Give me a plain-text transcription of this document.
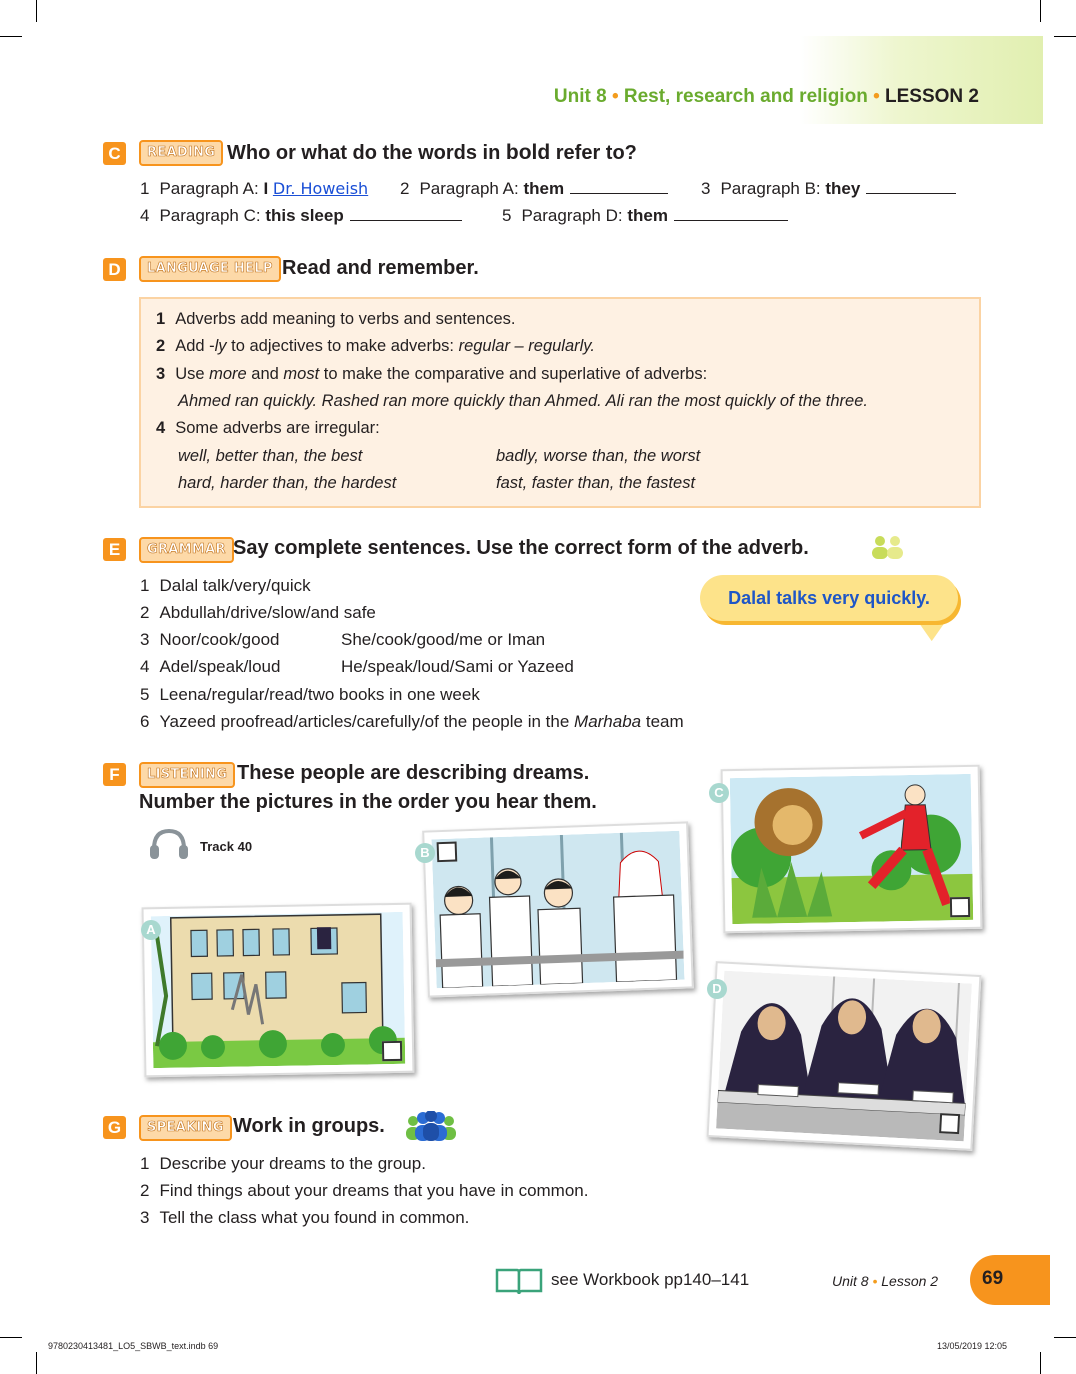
Unit 8 • Rest, research and religion • LESSON 2
C	READING Who or what do the words in bold refer to?
1 Paragraph A: I Dr. Howeish 2 Paragraph A: them	3 Paragraph B: they
4 Paragraph C: this sleep	5 Paragraph D: them
D	LANGUAGE HELP Read and remember.
1 Adverbs add meaning to verbs and sentences.
2 Add -ly to adjectives to make adverbs: regular – regularly.
3 Use more and most to make the comparative and superlative of adverbs:
Ahmed ran quickly. Rashed ran more quickly than Ahmed. Ali ran the most quickly of the three.
4 Some adverbs are irregular:
well, better than, the best	badly, worse than, the worst
hard, harder than, the hardest	fast, faster than, the fastest
E	GRAMMAR Say complete sentences. Use the correct form of the adverb.
1 Dalal talk/very/quick
2 Abdullah/drive/slow/and safe
3 Noor/cook/good	She/cook/good/me or Iman
4 Adel/speak/loud	He/speak/loud/Sami or Yazeed
5 Leena/regular/read/two books in one week
6 Yazeed proofread/articles/carefully/of the people in the Marhaba team
Dalal talks very quickly.
F	LISTENING These people are describing dreams.
Number the pictures in the order you hear them.
Track 40
A
B
C
D
G	SPEAKING Work in groups.
1 Describe your dreams to the group.
2 Find things about your dreams that you have in common.
3 Tell the class what you found in common.
see Workbook pp140–141	Unit 8 • Lesson 2 69
9780230413481_LO5_SBWB_text.indb 69	13/05/2019 12:05
